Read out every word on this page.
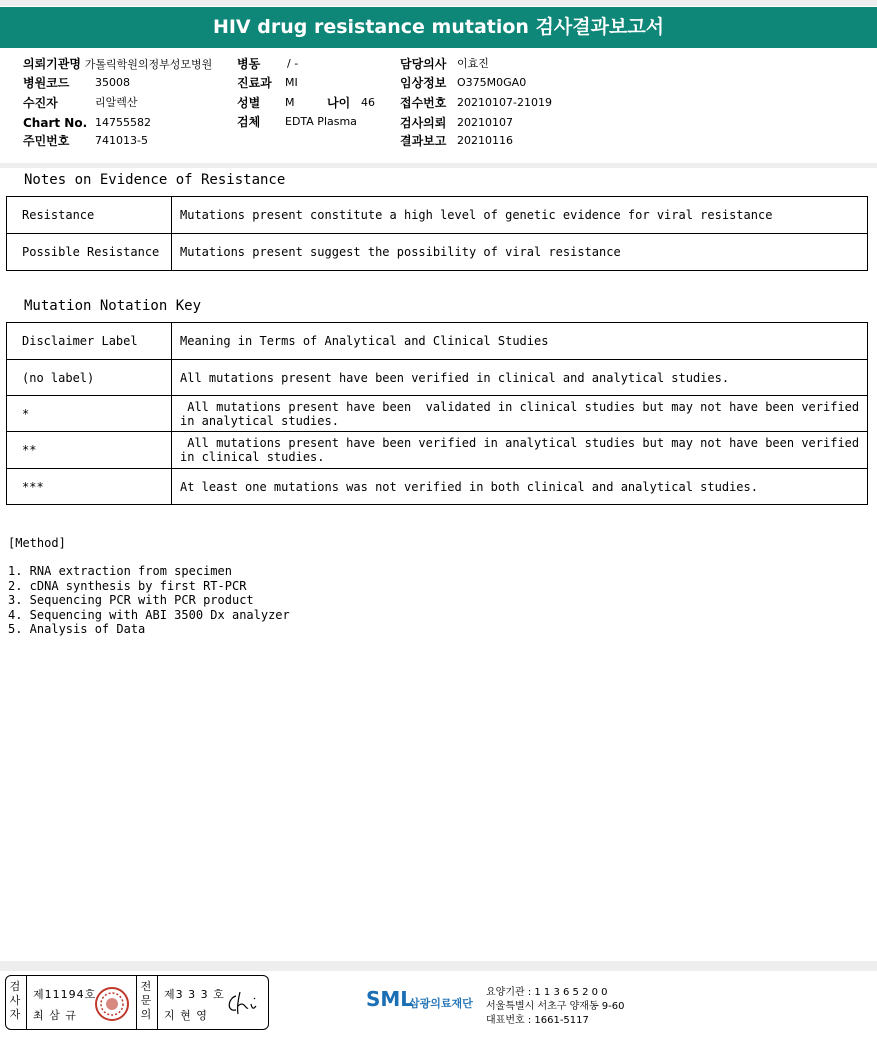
HIV drug resistance mutation 검사결과보고서
의뢰기관명 가톨릭학원의정부성모병원
병원코드 35008
수진자	리알렉산
Chart No. 14755582
주민번호 741013-5
병동 / -
진료과 MI
성별 M
검체 EDTA Plasma
나이 46
담당의사 이효진
임상정보 O375M0GA0
접수번호 20210107-21019
검사의뢰 20210107
결과보고 20210116
Notes on Evidence of Resistance
Resistance	Mutations present constitute a high level of genetic evidence for viral resistance
Possible Resistance	Mutations present suggest the possibility of viral resistance
Mutation Notation Key
Disclaimer Label	Meaning in Terms of Analytical and Clinical Studies
(no label)	All mutations present have been verified in clinical and analytical studies.
*	All mutations present have been  validated in clinical studies but may not have been verified in analytical studies.
**	All mutations present have been verified in analytical studies but may not have been verified in clinical studies.
***	At least one mutations was not verified in both clinical and analytical studies.
[Method]
1. RNA extraction from specimen
2. cDNA synthesis by first RT-PCR
3. Sequencing PCR with PCR product
4. Sequencing with ABI 3500 Dx analyzer
5. Analysis of Data
검사자
제11194호
최 삼 규
전문의
제3 3 3 호
지 현 영
SML
삼광의료재단
요양기관 : 1 1 3 6 5 2 0 0
서울특별시 서초구 양재동 9-60
대표번호 : 1661-5117
